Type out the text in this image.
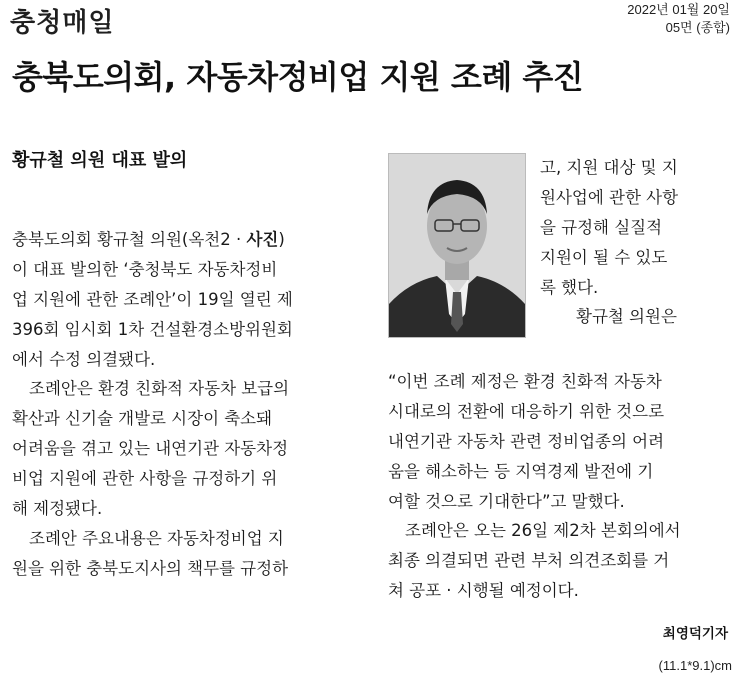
충청매일	2022년 01월 20일
05면 (종합)
충북도의회, 자동차정비업 지원 조례 추진
황규철 의원 대표 발의
충북도의회 황규철 의원(옥천2 · 사진)
이 대표 발의한 ‘충청북도 자동차정비
업 지원에 관한 조례안’이 19일 열린 제
396회 임시회 1차 건설환경소방위원회
에서 수정 의결됐다.
조례안은 환경 친화적 자동차 보급의
확산과 신기술 개발로 시장이 축소돼
어려움을 겪고 있는 내연기관 자동차정
비업 지원에 관한 사항을 규정하기 위
해 제정됐다.
조례안 주요내용은 자동차정비업 지
원을 위한 충북도지사의 책무를 규정하
고, 지원 대상 및 지
원사업에 관한 사항
을 규정해 실질적
지원이 될 수 있도
록 했다.
황규철 의원은
“이번 조례 제정은 환경 친화적 자동차
시대로의 전환에 대응하기 위한 것으로
내연기관 자동차 관련 정비업종의 어려
움을 해소하는 등 지역경제 발전에 기
여할 것으로 기대한다”고 말했다.
조례안은 오는 26일 제2차 본회의에서
최종 의결되면 관련 부처 의견조회를 거
쳐 공포 · 시행될 예정이다.
최영덕기자
(11.1*9.1)cm
